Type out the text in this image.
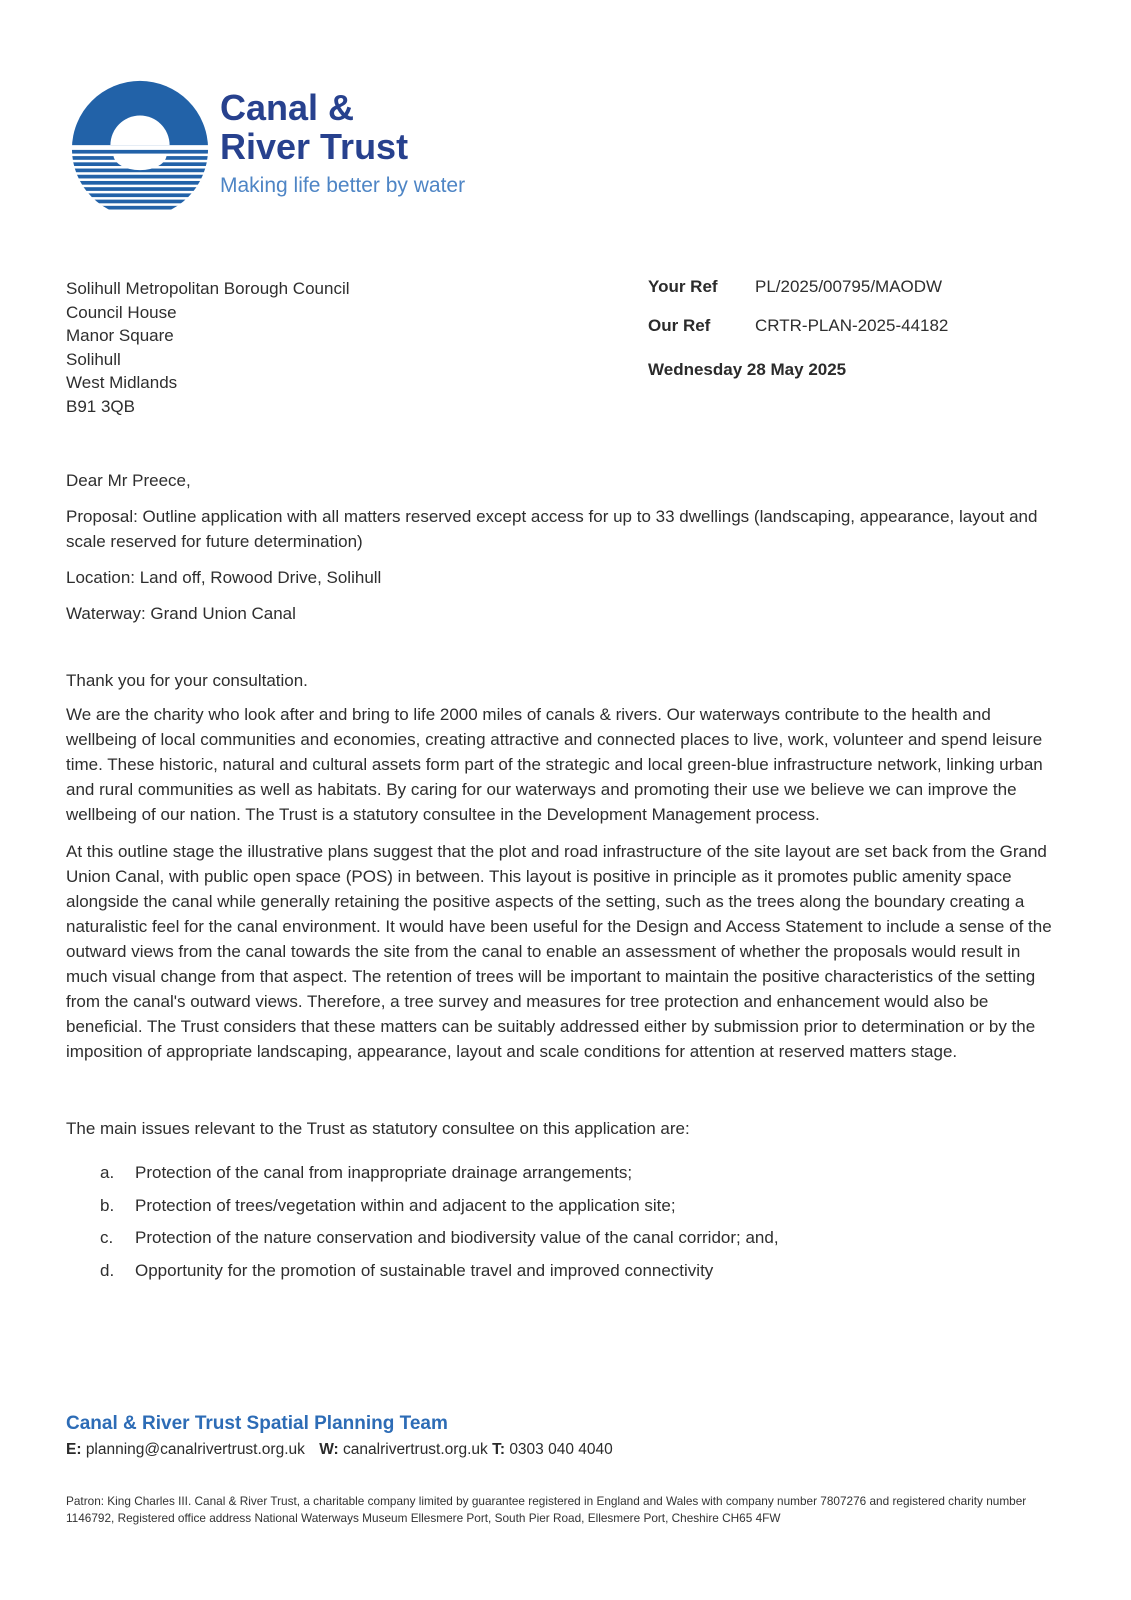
Canal &
River Trust
Making life better by water
Solihull Metropolitan Borough Council
Council House
Manor Square
Solihull
West Midlands
B91 3QB
Your Ref	PL/2025/00795/MAODW
Our Ref	CRTR-PLAN-2025-44182
Wednesday 28 May 2025

Dear Mr Preece,

Proposal: Outline application with all matters reserved except access for up to 33 dwellings (landscaping, appearance, layout and scale reserved for future determination)

Location: Land off, Rowood Drive, Solihull

Waterway: Grand Union Canal

Thank you for your consultation.

We are the charity who look after and bring to life 2000 miles of canals & rivers. Our waterways contribute to the health and wellbeing of local communities and economies, creating attractive and connected places to live, work, volunteer and spend leisure time. These historic, natural and cultural assets form part of the strategic and local green-blue infrastructure network, linking urban and rural communities as well as habitats. By caring for our waterways and promoting their use we believe we can improve the wellbeing of our nation. The Trust is a statutory consultee in the Development Management process.

At this outline stage the illustrative plans suggest that the plot and road infrastructure of the site layout are set back from the Grand Union Canal, with public open space (POS) in between. This layout is positive in principle as it promotes public amenity space alongside the canal while generally retaining the positive aspects of the setting, such as the trees along the boundary creating a naturalistic feel for the canal environment. It would have been useful for the Design and Access Statement to include a sense of the outward views from the canal towards the site from the canal to enable an assessment of whether the proposals would result in much visual change from that aspect. The retention of trees will be important to maintain the positive characteristics of the setting from the canal's outward views. Therefore, a tree survey and measures for tree protection and enhancement would also be beneficial. The Trust considers that these matters can be suitably addressed either by submission prior to determination or by the imposition of appropriate landscaping, appearance, layout and scale conditions for attention at reserved matters stage.

The main issues relevant to the Trust as statutory consultee on this application are:

a.	Protection of the canal from inappropriate drainage arrangements;
b.	Protection of trees/vegetation within and adjacent to the application site;
c.	Protection of the nature conservation and biodiversity value of the canal corridor; and,
d.	Opportunity for the promotion of sustainable travel and improved connectivity
Canal & River Trust Spatial Planning Team
E: planning@canalrivertrust.org.uk W: canalrivertrust.org.uk T: 0303 040 4040
Patron: King Charles III. Canal & River Trust, a charitable company limited by guarantee registered in England and Wales with company number 7807276 and registered charity number 1146792, Registered office address National Waterways Museum Ellesmere Port, South Pier Road, Ellesmere Port, Cheshire CH65 4FW
